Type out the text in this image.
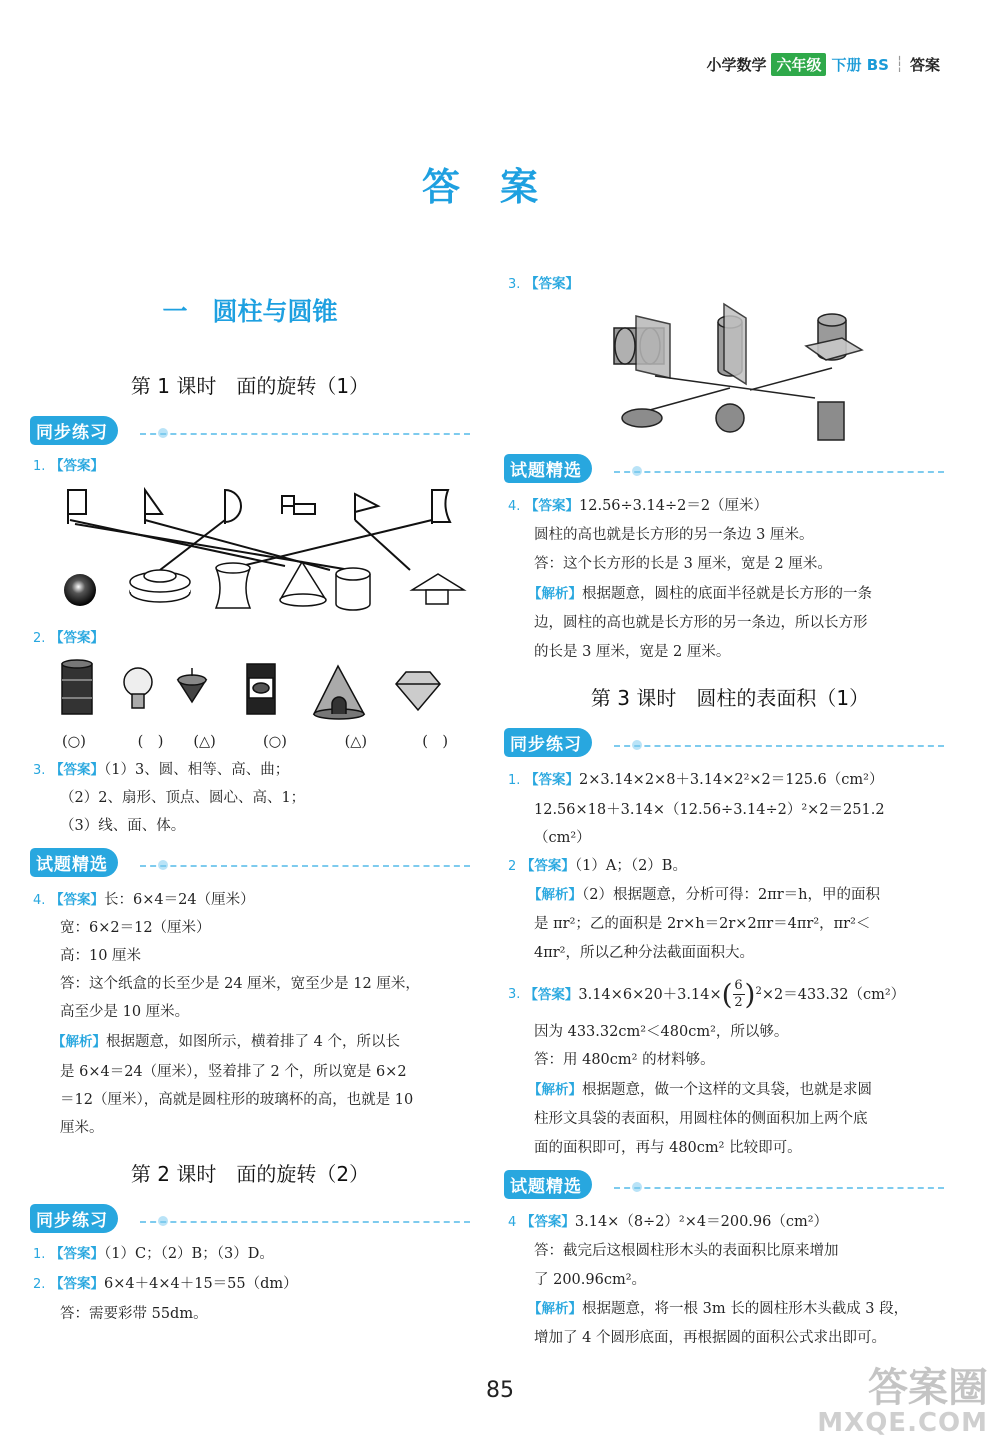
小学数学 六年级 下册 BS ┆ 答案
答案
一　圆柱与圆锥
第 1 课时　面的旋转（1）
同步练习
1. 【答案】
2. 【答案】
(○)	(　)	(△)	(○)	(△)	(　)
3. 【答案】（1）3、圆、相等、高、曲；
（2）2、扇形、顶点、圆心、高、1；
（3）线、面、体。
试题精选
4. 【答案】长：6×4＝24（厘米）
宽：6×2＝12（厘米）
高：10 厘米
答：这个纸盒的长至少是 24 厘米，宽至少是 12 厘米，
高至少是 10 厘米。
【解析】根据题意，如图所示，横着排了 4 个，所以长
是 6×4＝24（厘米），竖着排了 2 个，所以宽是 6×2
＝12（厘米），高就是圆柱形的玻璃杯的高，也就是 10
厘米。
第 2 课时　面的旋转（2）
同步练习
1. 【答案】（1）C；（2）B；（3）D。
2. 【答案】6×4＋4×4＋15＝55（dm）
答：需要彩带 55dm。
3. 【答案】
试题精选
4. 【答案】12.56÷3.14÷2＝2（厘米）
圆柱的高也就是长方形的另一条边 3 厘米。
答：这个长方形的长是 3 厘米，宽是 2 厘米。
【解析】根据题意，圆柱的底面半径就是长方形的一条
边，圆柱的高也就是长方形的另一条边，所以长方形
的长是 3 厘米，宽是 2 厘米。
第 3 课时　圆柱的表面积（1）
同步练习
1. 【答案】2×3.14×2×8＋3.14×2²×2＝125.6（cm²）
12.56×18＋3.14×（12.56÷3.14÷2）²×2＝251.2
（cm²）
2 【答案】（1）A；（2）B。
【解析】（2）根据题意，分析可得：2πr＝h，甲的面积
是 πr²；乙的面积是 2r×h＝2r×2πr＝4πr²，πr²＜
4πr²，所以乙种分法截面面积大。
3. 【答案】 3.14×6×20＋3.14× ( 6
2 ) 2 ×2＝433.32（cm²）
因为 433.32cm²＜480cm²，所以够。
答：用 480cm² 的材料够。
【解析】根据题意，做一个这样的文具袋，也就是求圆
柱形文具袋的表面积，用圆柱体的侧面积加上两个底
面的面积即可，再与 480cm² 比较即可。
试题精选
4 【答案】3.14×（8÷2）²×4＝200.96（cm²）
答：截完后这根圆柱形木头的表面积比原来增加
了 200.96cm²。
【解析】根据题意，将一根 3m 长的圆柱形木头截成 3 段，
增加了 4 个圆形底面，再根据圆的面积公式求出即可。
85	答案圈
MXQE.COM
